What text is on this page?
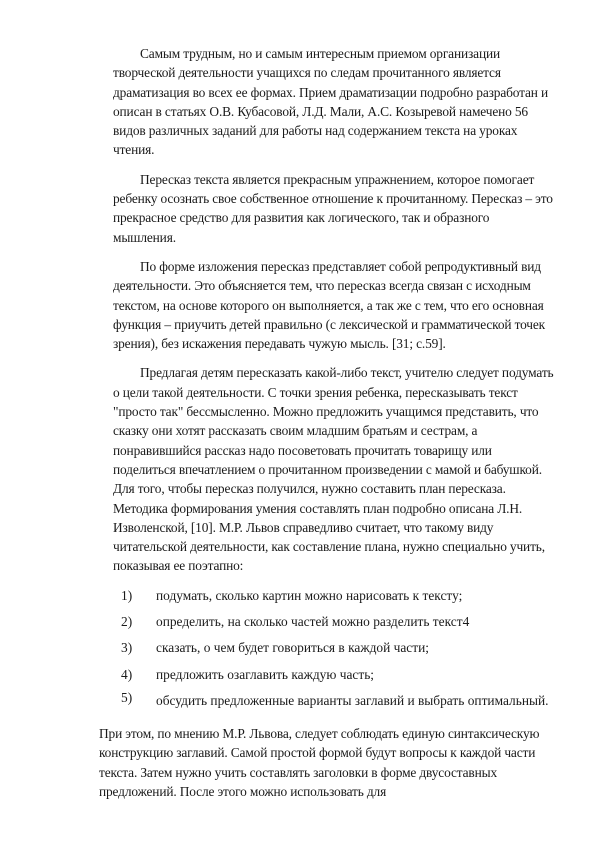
Самым трудным, но и самым интересным приемом организации творческой деятельности учащихся по следам прочитанного является драматизация во всех ее формах. Прием драматизации подробно разработан и описан в статьях О.В. Кубасовой, Л.Д. Мали, А.С. Козыревой намечено 56 видов различных заданий для работы над содержанием текста на уроках чтения.

Пересказ текста является прекрасным упражнением, которое помогает ребенку осознать свое собственное отношение к прочитанному. Пересказ – это прекрасное средство для развития как логического, так и образного мышления.

По форме изложения пересказ представляет собой репродуктивный вид деятельности. Это объясняется тем, что пересказ всегда связан с исходным текстом, на основе которого он выполняется, а так же с тем, что его основная функция – приучить детей правильно (с лексической и грамматической точек зрения), без искажения передавать чужую мысль. [31; с.59].

Предлагая детям пересказать какой-либо текст, учителю следует подумать о цели такой деятельности. С точки зрения ребенка, пересказывать текст "просто так" бессмысленно. Можно предложить учащимся представить, что сказку они хотят рассказать своим младшим братьям и сестрам, а понравившийся рассказ надо посоветовать прочитать товарищу или поделиться впечатлением о прочитанном произведении с мамой и бабушкой. Для того, чтобы пересказ получился, нужно составить план пересказа. Методика формирования умения составлять план подробно описана Л.Н. Изволенской, [10]. М.Р. Львов справедливо считает, что такому виду читательской деятельности, как составление плана, нужно специально учить, показывая ее поэтапно:

1)	подумать, сколько картин можно нарисовать к тексту;
2)	определить, на сколько частей можно разделить текст4
3)	сказать, о чем будет говориться в каждой части;
4)	предложить озаглавить каждую часть;
5)	обсудить предложенные варианты заглавий и выбрать оптимальный.

При этом, по мнению М.Р. Львова, следует соблюдать единую синтаксическую конструкцию заглавий. Самой простой формой будут вопросы к каждой части текста. Затем нужно учить составлять заголовки в форме двусоставных предложений. После этого можно использовать для
